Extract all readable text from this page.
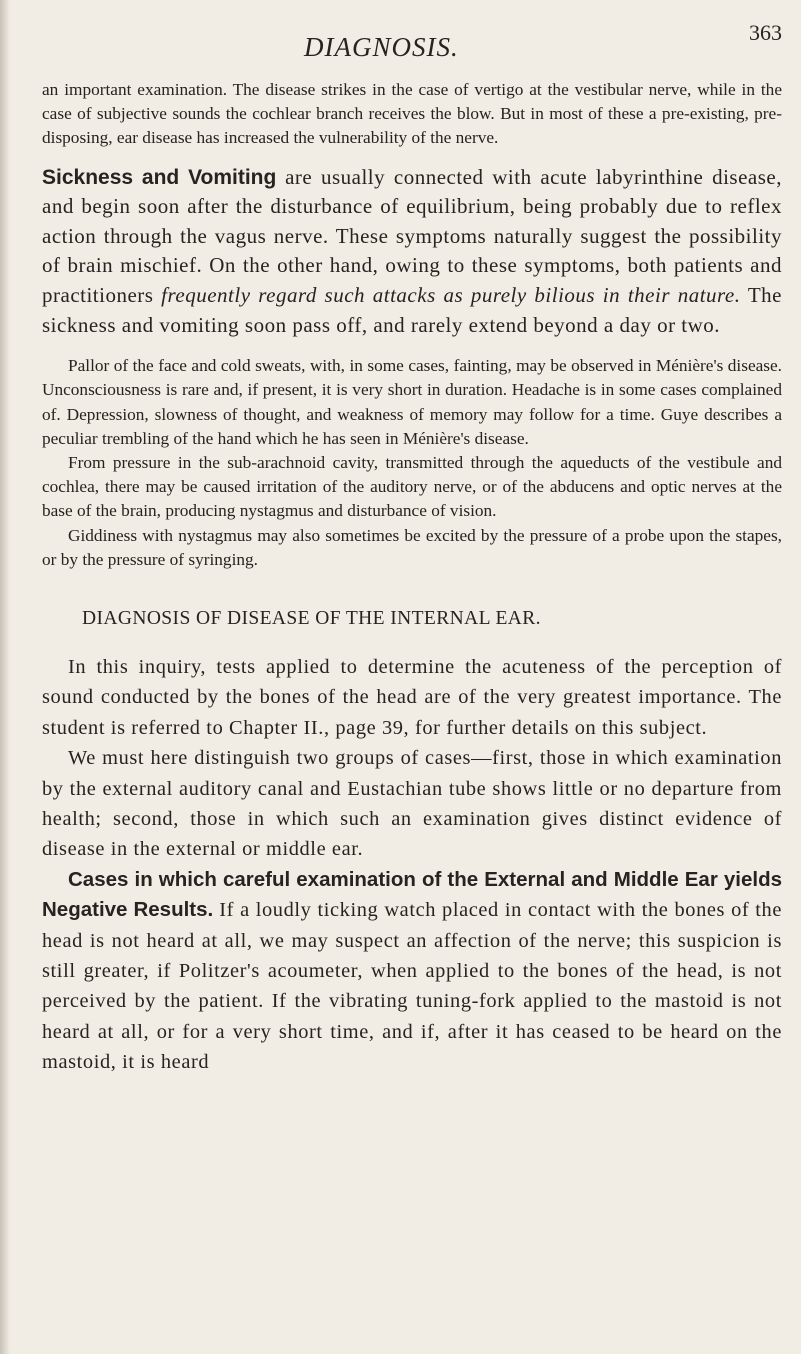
DIAGNOSIS.	363

an important examination. The disease strikes in the case of vertigo at the vestibular nerve, while in the case of subjective sounds the cochlear branch receives the blow. But in most of these a pre-existing, pre-disposing, ear disease has increased the vulnerability of the nerve.

Sickness and Vomiting are usually connected with acute labyrinthine disease, and begin soon after the disturbance of equilibrium, being probably due to reflex action through the vagus nerve. These symptoms naturally suggest the possibility of brain mischief. On the other hand, owing to these symptoms, both patients and practitioners frequently regard such attacks as purely bilious in their nature. The sickness and vomiting soon pass off, and rarely extend beyond a day or two.

Pallor of the face and cold sweats, with, in some cases, fainting, may be observed in Ménière's disease. Unconsciousness is rare and, if present, it is very short in duration. Headache is in some cases complained of. Depression, slowness of thought, and weakness of memory may follow for a time. Guye describes a peculiar trembling of the hand which he has seen in Ménière's disease.

From pressure in the sub-arachnoid cavity, transmitted through the aqueducts of the vestibule and cochlea, there may be caused irritation of the auditory nerve, or of the abducens and optic nerves at the base of the brain, producing nystagmus and disturbance of vision.

Giddiness with nystagmus may also sometimes be excited by the pressure of a probe upon the stapes, or by the pressure of syringing.

DIAGNOSIS OF DISEASE OF THE INTERNAL EAR.

In this inquiry, tests applied to determine the acuteness of the perception of sound conducted by the bones of the head are of the very greatest importance. The student is referred to Chapter II., page 39, for further details on this subject.

We must here distinguish two groups of cases—first, those in which examination by the external auditory canal and Eustachian tube shows little or no departure from health; second, those in which such an examination gives distinct evidence of disease in the external or middle ear.

Cases in which careful examination of the External and Middle Ear yields Negative Results. If a loudly ticking watch placed in contact with the bones of the head is not heard at all, we may suspect an affection of the nerve; this suspicion is still greater, if Politzer's acoumeter, when applied to the bones of the head, is not perceived by the patient. If the vibrating tuning-fork applied to the mastoid is not heard at all, or for a very short time, and if, after it has ceased to be heard on the mastoid, it is heard
